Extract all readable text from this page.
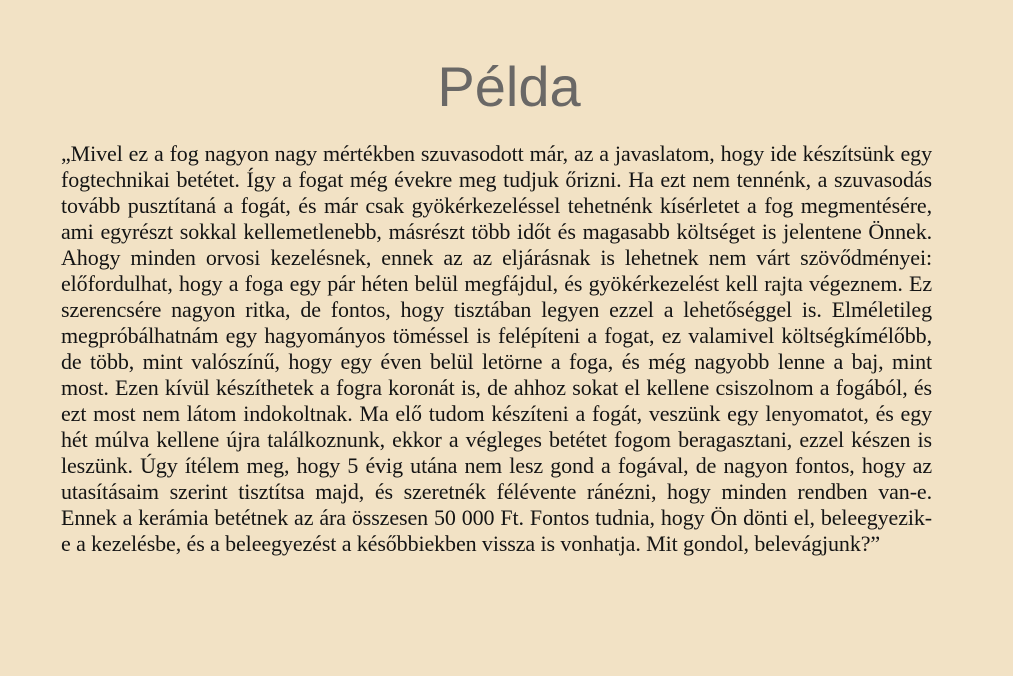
Példa
„Mivel ez a fog nagyon nagy mértékben szuvasodott már, az a javaslatom, hogy ide készítsünk egy fogtechnikai betétet. Így a fogat még évekre meg tudjuk őrizni. Ha ezt nem tennénk, a szuvasodás tovább pusztítaná a fogát, és már csak gyökérkezeléssel tehetnénk kísérletet a fog megmentésére, ami egyrészt sokkal kellemetlenebb, másrészt több időt és magasabb költséget is jelentene Önnek. Ahogy minden orvosi kezelésnek, ennek az az eljárásnak is lehetnek nem várt szövődményei: előfordulhat, hogy a foga egy pár héten belül megfájdul, és gyökérkezelést kell rajta végeznem. Ez szerencsére nagyon ritka, de fontos, hogy tisztában legyen ezzel a lehetőséggel is. Elméletileg megpróbálhatnám egy hagyományos töméssel is felépíteni a fogat, ez valamivel költségkímélőbb, de több, mint valószínű, hogy egy éven belül letörne a foga, és még nagyobb lenne a baj, mint most. Ezen kívül készíthetek a fogra koronát is, de ahhoz sokat el kellene csiszolnom a fogából, és ezt most nem látom indokoltnak. Ma elő tudom készíteni a fogát, veszünk egy lenyomatot, és egy hét múlva kellene újra találkoznunk, ekkor a végleges betétet fogom beragasztani, ezzel készen is leszünk. Úgy ítélem meg, hogy 5 évig utána nem lesz gond a fogával, de nagyon fontos, hogy az utasításaim szerint tisztítsa majd, és szeretnék félévente ránézni, hogy minden rendben van-e. Ennek a kerámia betétnek az ára összesen 50 000 Ft. Fontos tudnia, hogy Ön dönti el, beleegyezik-e a kezelésbe, és a beleegyezést a későbbiekben vissza is vonhatja. Mit gondol, belevágjunk?”
